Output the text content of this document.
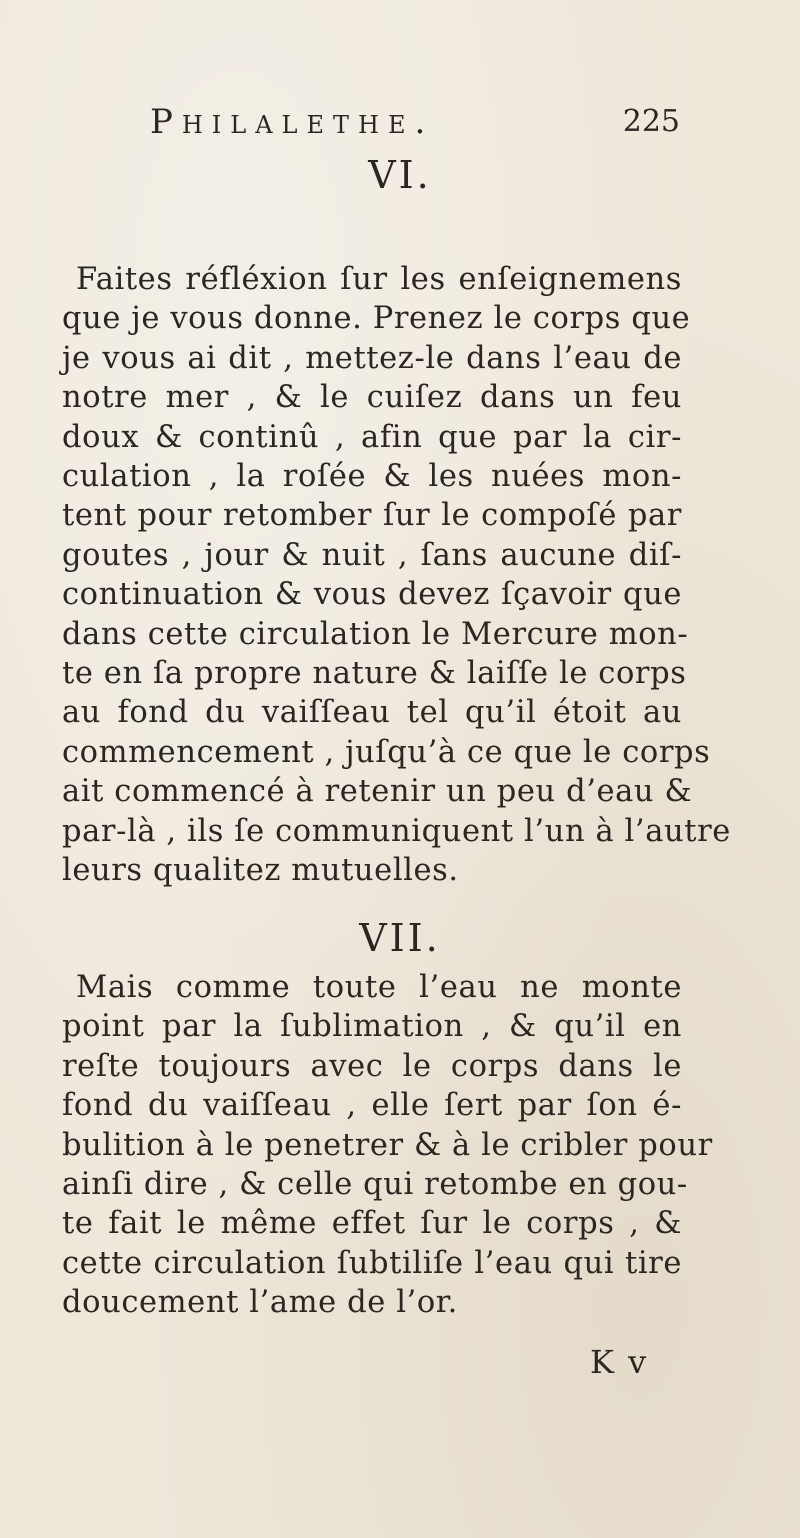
Philalethe.	225
VI.
Faites réfléxion ſur les enſeignemens
que je vous donne. Prenez le corps que
je vous ai dit , mettez-le dans l’eau de
notre mer , & le cuiſez dans un feu
doux & continû , afin que par la cir-
culation , la roſée & les nuées mon-
tent pour retomber ſur le compoſé par
goutes , jour & nuit , ſans aucune diſ-
continuation & vous devez ſçavoir que
dans cette circulation le Mercure mon-
te en ſa propre nature & laiſſe le corps
au fond du vaiſſeau tel qu’il étoit au
commencement , juſqu’à ce que le corps
ait commencé à retenir un peu d’eau &
par-là , ils ſe communiquent l’un à l’autre
leurs qualitez mutuelles.
VII.
Mais comme toute l’eau ne monte
point par la ſublimation , & qu’il en
reſte toujours avec le corps dans le
fond du vaiſſeau , elle ſert par ſon é-
bulition à le penetrer & à le cribler pour
ainſi dire , & celle qui retombe en gou-
te fait le même effet ſur le corps , &
cette circulation ſubtiliſe l’eau qui tire
doucement l’ame de l’or.
K v
